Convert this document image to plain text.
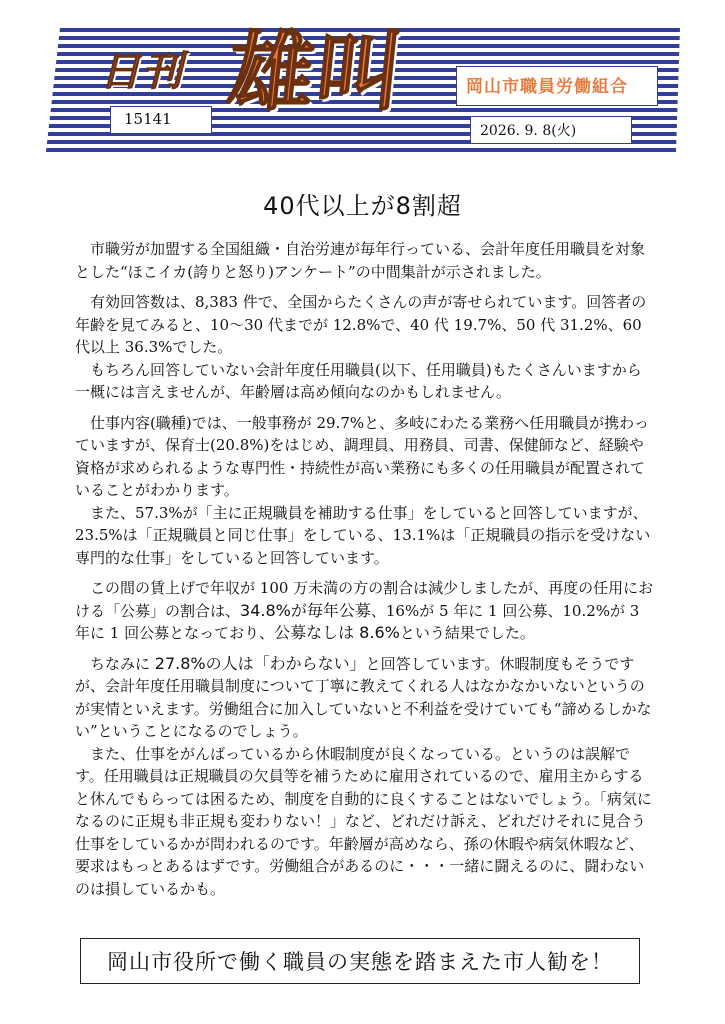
日刊 雄叫	岡山市職員労働組合
15141
2026. 9. 8(火)
40代以上が8割超

市職労が加盟する全国組織・自治労連が毎年行っている、会計年度任用職員を対象とした“ほこイカ(誇りと怒り)アンケート”の中間集計が示されました。

有効回答数は、8,383 件で、全国からたくさんの声が寄せられています。回答者の年齢を見てみると、10～30 代までが 12.8%で、40 代 19.7%、50 代 31.2%、60 代以上 36.3%でした。

もちろん回答していない会計年度任用職員(以下、任用職員)もたくさんいますから一概には言えませんが、年齢層は高め傾向なのかもしれません。

仕事内容(職種)では、一般事務が 29.7%と、多岐にわたる業務へ任用職員が携わっていますが、保育士(20.8%)をはじめ、調理員、用務員、司書、保健師など、経験や資格が求められるような専門性・持続性が高い業務にも多くの任用職員が配置されていることがわかります。

また、57.3%が「主に正規職員を補助する仕事」をしていると回答していますが、23.5%は「正規職員と同じ仕事」をしている、13.1%は「正規職員の指示を受けない専門的な仕事」をしていると回答しています。

この間の賃上げで年収が 100 万未満の方の割合は減少しましたが、再度の任用における「公募」の割合は、34.8%が毎年公募、16%が 5 年に 1 回公募、10.2%が 3 年に 1 回公募となっており、公募なしは 8.6%という結果でした。

ちなみに 27.8%の人は「わからない」と回答しています。休暇制度もそうですが、会計年度任用職員制度について丁寧に教えてくれる人はなかなかいないというのが実情といえます。労働組合に加入していないと不利益を受けていても“諦めるしかない”ということになるのでしょう。

また、仕事をがんばっているから休暇制度が良くなっている。というのは誤解です。任用職員は正規職員の欠員等を補うために雇用されているので、雇用主からすると休んでもらっては困るため、制度を自動的に良くすることはないでしょう。「病気になるのに正規も非正規も変わりない！」など、どれだけ訴え、どれだけそれに見合う仕事をしているかが問われるのです。年齢層が高めなら、孫の休暇や病気休暇など、要求はもっとあるはずです。労働組合があるのに・・・一緒に闘えるのに、闘わないのは損しているかも。

岡山市役所で働く職員の実態を踏まえた市人勧を！
